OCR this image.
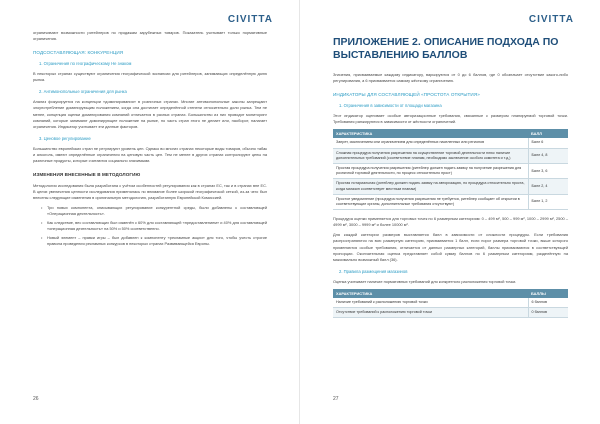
CIVITTA

ограничивают возможности ритейлеров по продажам зарубежных товаров. Показатель учитывает только нормативные ограничения.

ПОДСОСТАВЛЯЮЩАЯ: КОНКУРЕНЦИЯ
1. Ограничения по географическому Не знаком

В некоторых странах существуют ограничения географической экспансии для ритейлеров, занимающих определённую долю рынка.

2. Антимонопольные ограничения для рынка

Анализ фокусируется на концепции «доминирования» в розничных странах. Многие антимонопольные законы запрещают злоупотребление доминирующим положением, когда она достигает определённой степени относительно доли рынка. Тем не менее, концепция оценки доминирования компаний отличается в разных странах. Большинство из них проводят мониторинг компаний, которые занимают доминирующее положение на рынке, но часть стран этого не делает или, наоборот, налагает ограничения. Индикатор учитывает эти данные факторов.

3. Ценовое регулирование

Большинство европейских стран не регулируют уровень цен. Однако во многих странах некоторые виды товаров, обычно табак и алкоголь, имеют определённые ограничения на ценовую часть цен. Тем не менее в других странах контролируют цены на различные продукты, которые считаются социально значимыми.

ИЗМЕНЕНИЯ ВНЕСЕННЫЕ В МЕТОДОЛОГИЮ

Методология исследования была разработана с учётом особенностей регулирования как в странах ЕС, так и в странах вне ЕС. В целях увеличения ценности исследования применялась по внимание более широкой географической сеткой, из-за чего был внесены следующие изменения в оригинальную методологию, разработанную Европейской Комиссией.

• Три новых компонента, описывающих регулирование конкурентной среды, были добавлены к составляющей «Операционная деятельность».
• Как следствие, вес составляющих был изменён с 60% для составляющей «предоставлением» и 40% для составляющей «операционная деятельность» на 50% и 50% соответственно.
• Новый элемент – правки игры – был добавлен к компоненту «рекламные акции» для того, чтобы учесть строгие правила проведения рекламных конкурсов в некоторых странах Развивающейся Европы.
26
CIVITTA
ПРИЛОЖЕНИЕ 2. ОПИСАНИЕ ПОДХОДА ПО ВЫСТАВЛЕНИЮ БАЛЛОВ

Значения, присваиваемые каждому индикатору, варьируются от 0 до 6 баллов, где 0 обозначает отсутствие какого-либо регулирования, а 6 присваивается самому жёсткому ограничению.

ИНДИКАТОРЫ ДЛЯ СОСТАВЛЯЮЩЕЙ «ПРОСТОТА ОТКРЫТИЯ»
1. Ограничения в зависимости от площади магазина

Этот индикатор оценивает особые авторизационные требования, связанные с размером планируемой торговой точки. Требования ранжируются в зависимости от жёсткости ограничений.

ХАРАКТЕРИСТИКА	БАЛЛ
Запрет, исключением или ограничением для определённых населенных или регионов	Балл 6
Сложная процедура получения разрешения на осуществление торговой деятельности плюс наличие дополнительных требований (соответствие планам, необходимо заключение особого комитета и т.д.)	Балл 4, 8
Простая процедура получения разрешения (ритейлер должен подать заявку на получение разрешения для розничной торговой деятельности, но процесс относительно прост)	Балл 3, 6
Простая нотариальная (ритейлер должен подать заявку на авторизацию, но процедура относительно проста, когда магазин соответствует местным планам)	Балл 2, 4
Простое уведомление (процедура получения разрешения не требуется, ритейлер сообщает об открытии в соответствующие органы, дополнительные требования отсутствуют)	Балл 1, 2

Процедура оценки применяется для торговых точек по 6 размерным категориям: 0 – 499 м², 500 – 999 м², 1000 – 2999 м², 2500 – 4999 м², 3000 – 9999 м² и более 10000 м².

Для каждой категории размеров выставляется балл в зависимости от сложности процедуры. Если требования распространяются на всю размерную категорию, присваивается 1 балл, если порог размера торговой точки, выше которого применяются особые требования, отличается от данных размерных категорий, баллы присваиваются в соответствующей пропорции. Окончательная оценка представляет собой сумму баллов по 6 размерным категориям, разделённую на максимально возможный балл (36).

2. Правила размещения магазинов

Оценка учитывает наличие нормативных требований для конкретного расположения торговой точки.

ХАРАКТЕРИСТИКА	БАЛЛЫ
Наличие требований к расположению торговой точки	6 баллов
Отсутствие требований к расположению торговой точки	0 баллов
27
